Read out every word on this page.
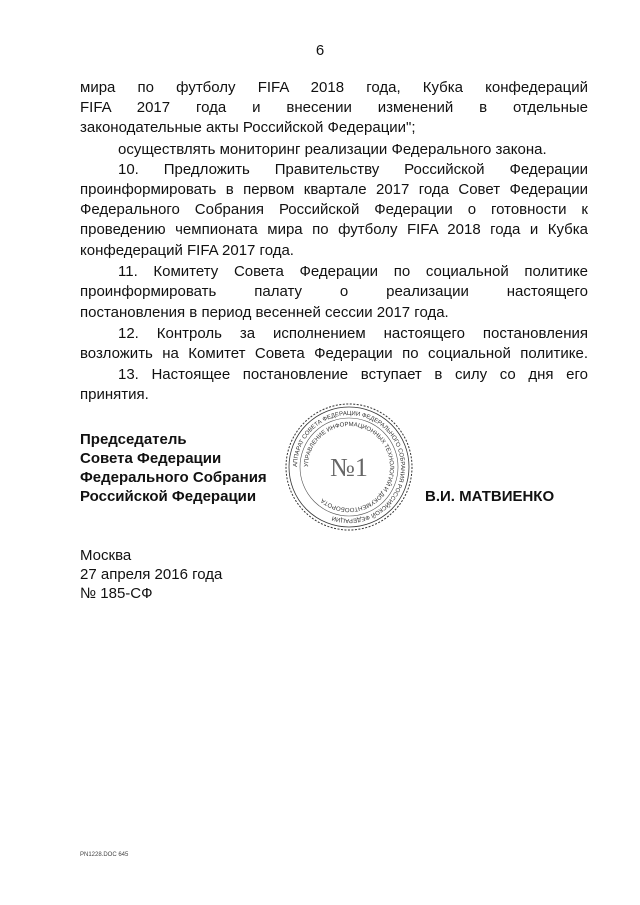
6
мира по футболу FIFA 2018 года, Кубка конфедераций
FIFA 2017 года и внесении изменений в отдельные
законодательные акты Российской Федерации";
осуществлять мониторинг реализации Федерального закона.
10. Предложить Правительству Российской Федерации
проинформировать в первом квартале 2017 года Совет Федерации
Федерального Собрания Российской Федерации о готовности к
проведению чемпионата мира по футболу FIFA 2018 года и Кубка
конфедераций FIFA 2017 года.
11. Комитету Совета Федерации по социальной политике
проинформировать палату о реализации настоящего
постановления в период весенней сессии 2017 года.
12. Контроль за исполнением настоящего постановления
возложить на Комитет Совета Федерации по социальной политике.
13. Настоящее постановление вступает в силу со дня его
принятия.
АППАРАТ СОВЕТА ФЕДЕРАЦИИ ФЕДЕРАЛЬНОГО СОБРАНИЯ РОССИЙСКОЙ ФЕДЕРАЦИИ
УПРАВЛЕНИЕ ИНФОРМАЦИОННЫХ ТЕХНОЛОГИЙ И ДОКУМЕНТООБОРОТА
№1
Председатель
Совета Федерации
Федерального Собрания
Российской Федерации	В.И. МАТВИЕНКО
Москва
27 апреля 2016 года
№ 185-СФ
PN1228.DOC 645
